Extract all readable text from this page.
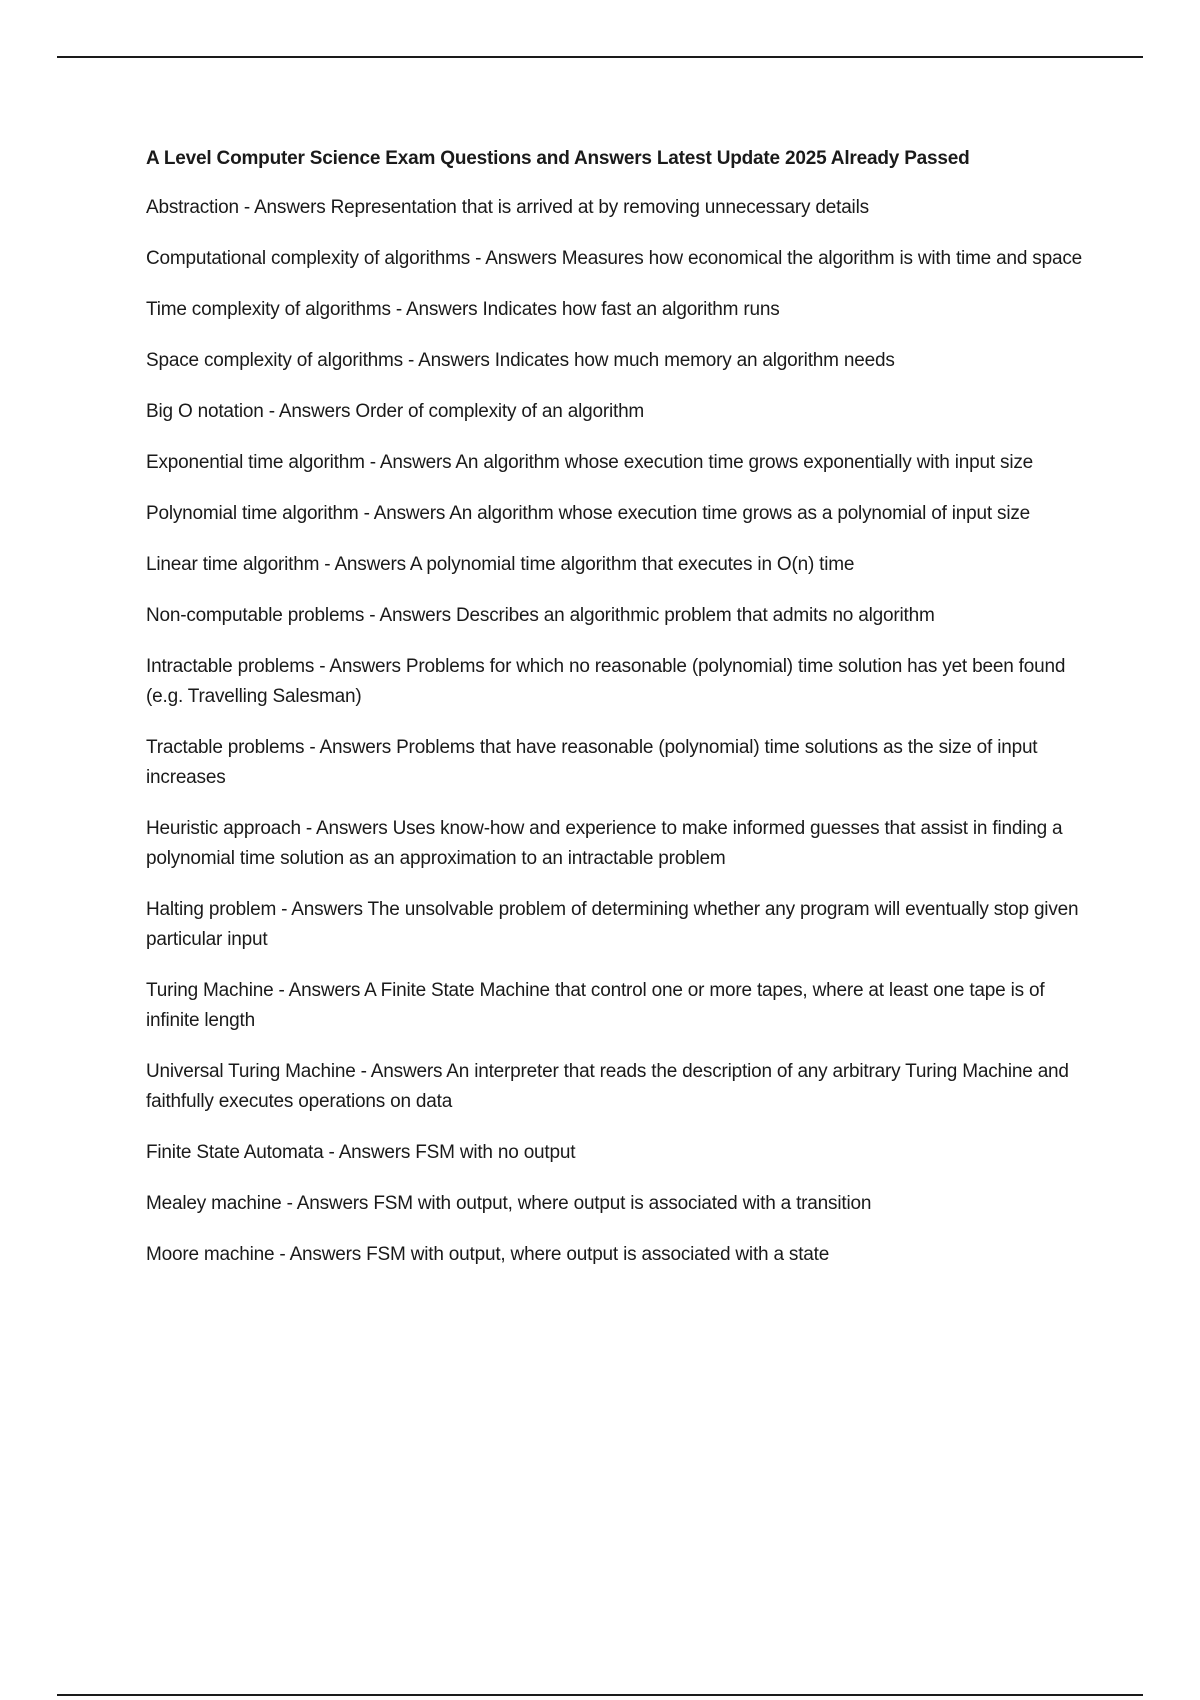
A Level Computer Science Exam Questions and Answers Latest Update 2025 Already Passed
Abstraction - Answers Representation that is arrived at by removing unnecessary details
Computational complexity of algorithms - Answers Measures how economical the algorithm is with time and space
Time complexity of algorithms - Answers Indicates how fast an algorithm runs
Space complexity of algorithms - Answers Indicates how much memory an algorithm needs
Big O notation - Answers Order of complexity of an algorithm
Exponential time algorithm - Answers An algorithm whose execution time grows exponentially with input size
Polynomial time algorithm - Answers An algorithm whose execution time grows as a polynomial of input size
Linear time algorithm - Answers A polynomial time algorithm that executes in O(n) time
Non-computable problems - Answers Describes an algorithmic problem that admits no algorithm
Intractable problems - Answers Problems for which no reasonable (polynomial) time solution has yet been found (e.g. Travelling Salesman)
Tractable problems - Answers Problems that have reasonable (polynomial) time solutions as the size of input increases
Heuristic approach - Answers Uses know-how and experience to make informed guesses that assist in finding a polynomial time solution as an approximation to an intractable problem
Halting problem - Answers The unsolvable problem of determining whether any program will eventually stop given particular input
Turing Machine - Answers A Finite State Machine that control one or more tapes, where at least one tape is of infinite length
Universal Turing Machine - Answers An interpreter that reads the description of any arbitrary Turing Machine and faithfully executes operations on data
Finite State Automata - Answers FSM with no output
Mealey machine - Answers FSM with output, where output is associated with a transition
Moore machine - Answers FSM with output, where output is associated with a state
